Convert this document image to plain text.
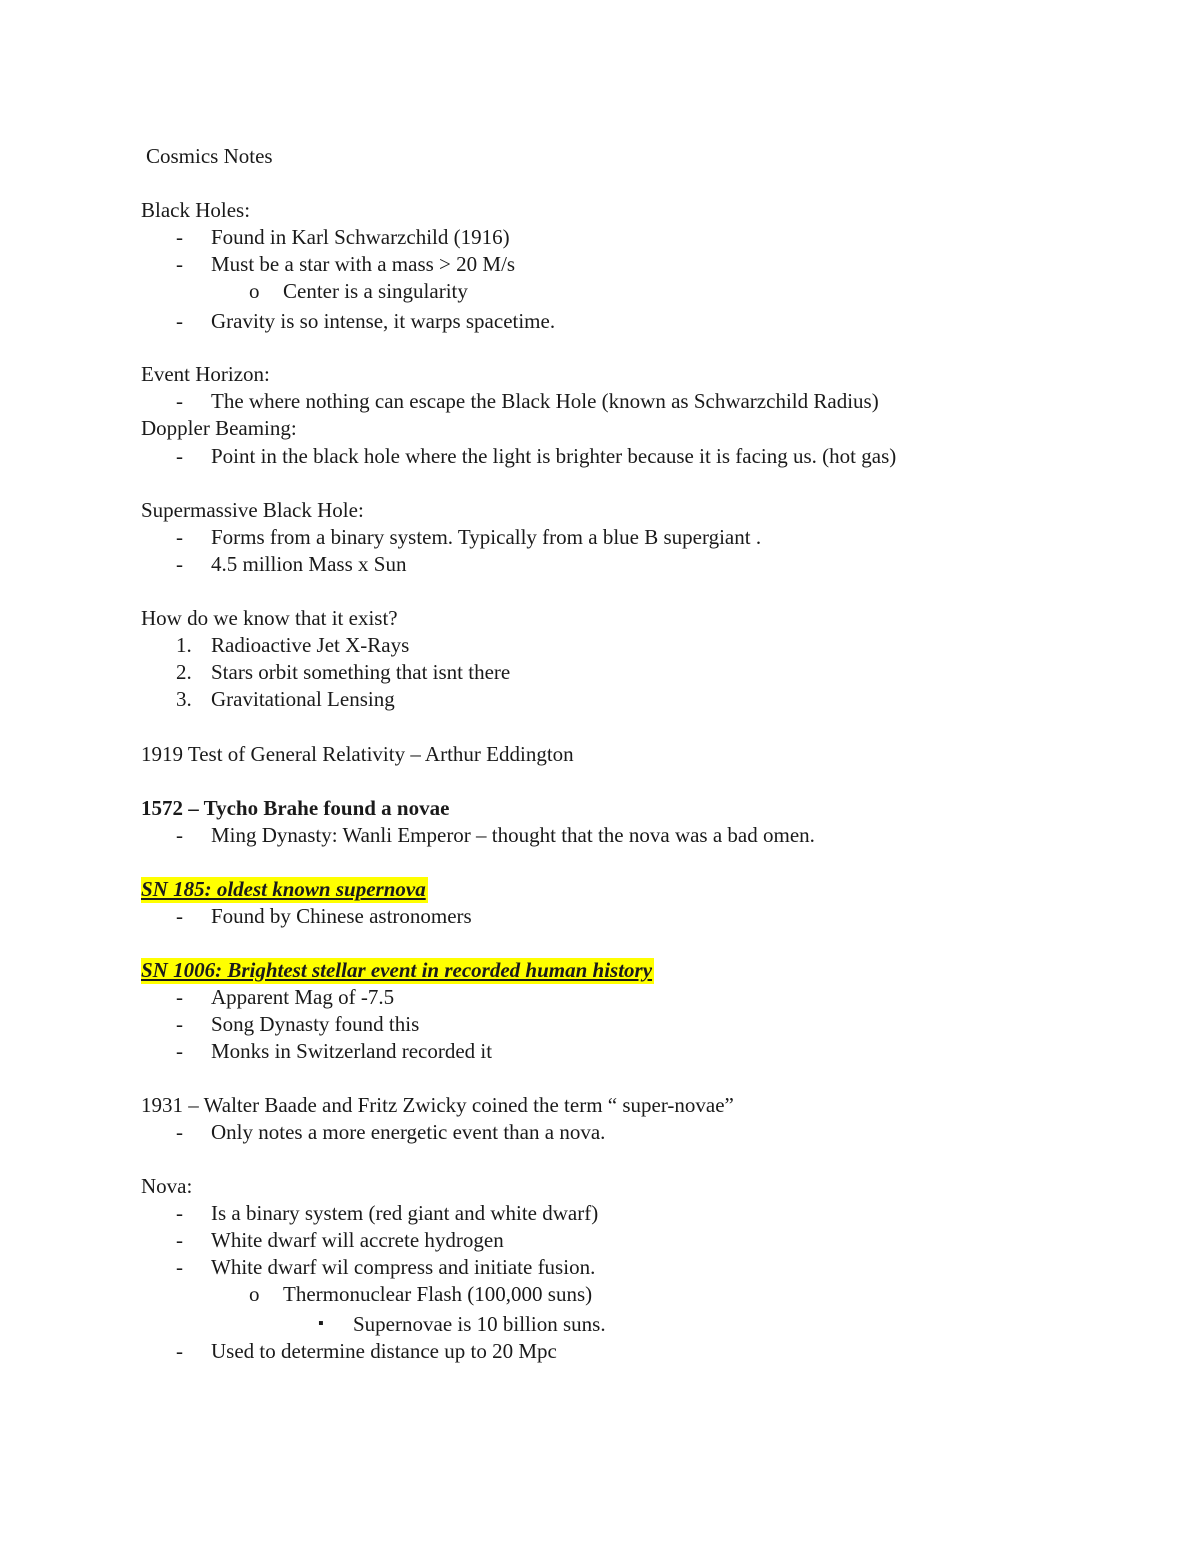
Cosmics Notes
Black Holes:
- Found in Karl Schwarzchild (1916)
- Must be a star with a mass > 20 M/s
o Center is a singularity
- Gravity is so intense, it warps spacetime.
Event Horizon:
- The where nothing can escape the Black Hole (known as Schwarzchild Radius)
Doppler Beaming:
- Point in the black hole where the light is brighter because it is facing us. (hot gas)
Supermassive Black Hole:
- Forms from a binary system. Typically from a blue B supergiant .
- 4.5 million Mass x Sun
How do we know that it exist?
1. Radioactive Jet X-Rays
2. Stars orbit something that isnt there
3. Gravitational Lensing
1919 Test of General Relativity – Arthur Eddington
1572 – Tycho Brahe found a novae
- Ming Dynasty: Wanli Emperor – thought that the nova was a bad omen.
SN 185: oldest known supernova
- Found by Chinese astronomers
SN 1006: Brightest stellar event in recorded human history
- Apparent Mag of -7.5
- Song Dynasty found this
- Monks in Switzerland recorded it
1931 – Walter Baade and Fritz Zwicky coined the term “ super-novae”
- Only notes a more energetic event than a nova.
Nova:
- Is a binary system (red giant and white dwarf)
- White dwarf will accrete hydrogen
- White dwarf wil compress and initiate fusion.
o Thermonuclear Flash (100,000 suns)
▪ Supernovae is 10 billion suns.
- Used to determine distance up to 20 Mpc
